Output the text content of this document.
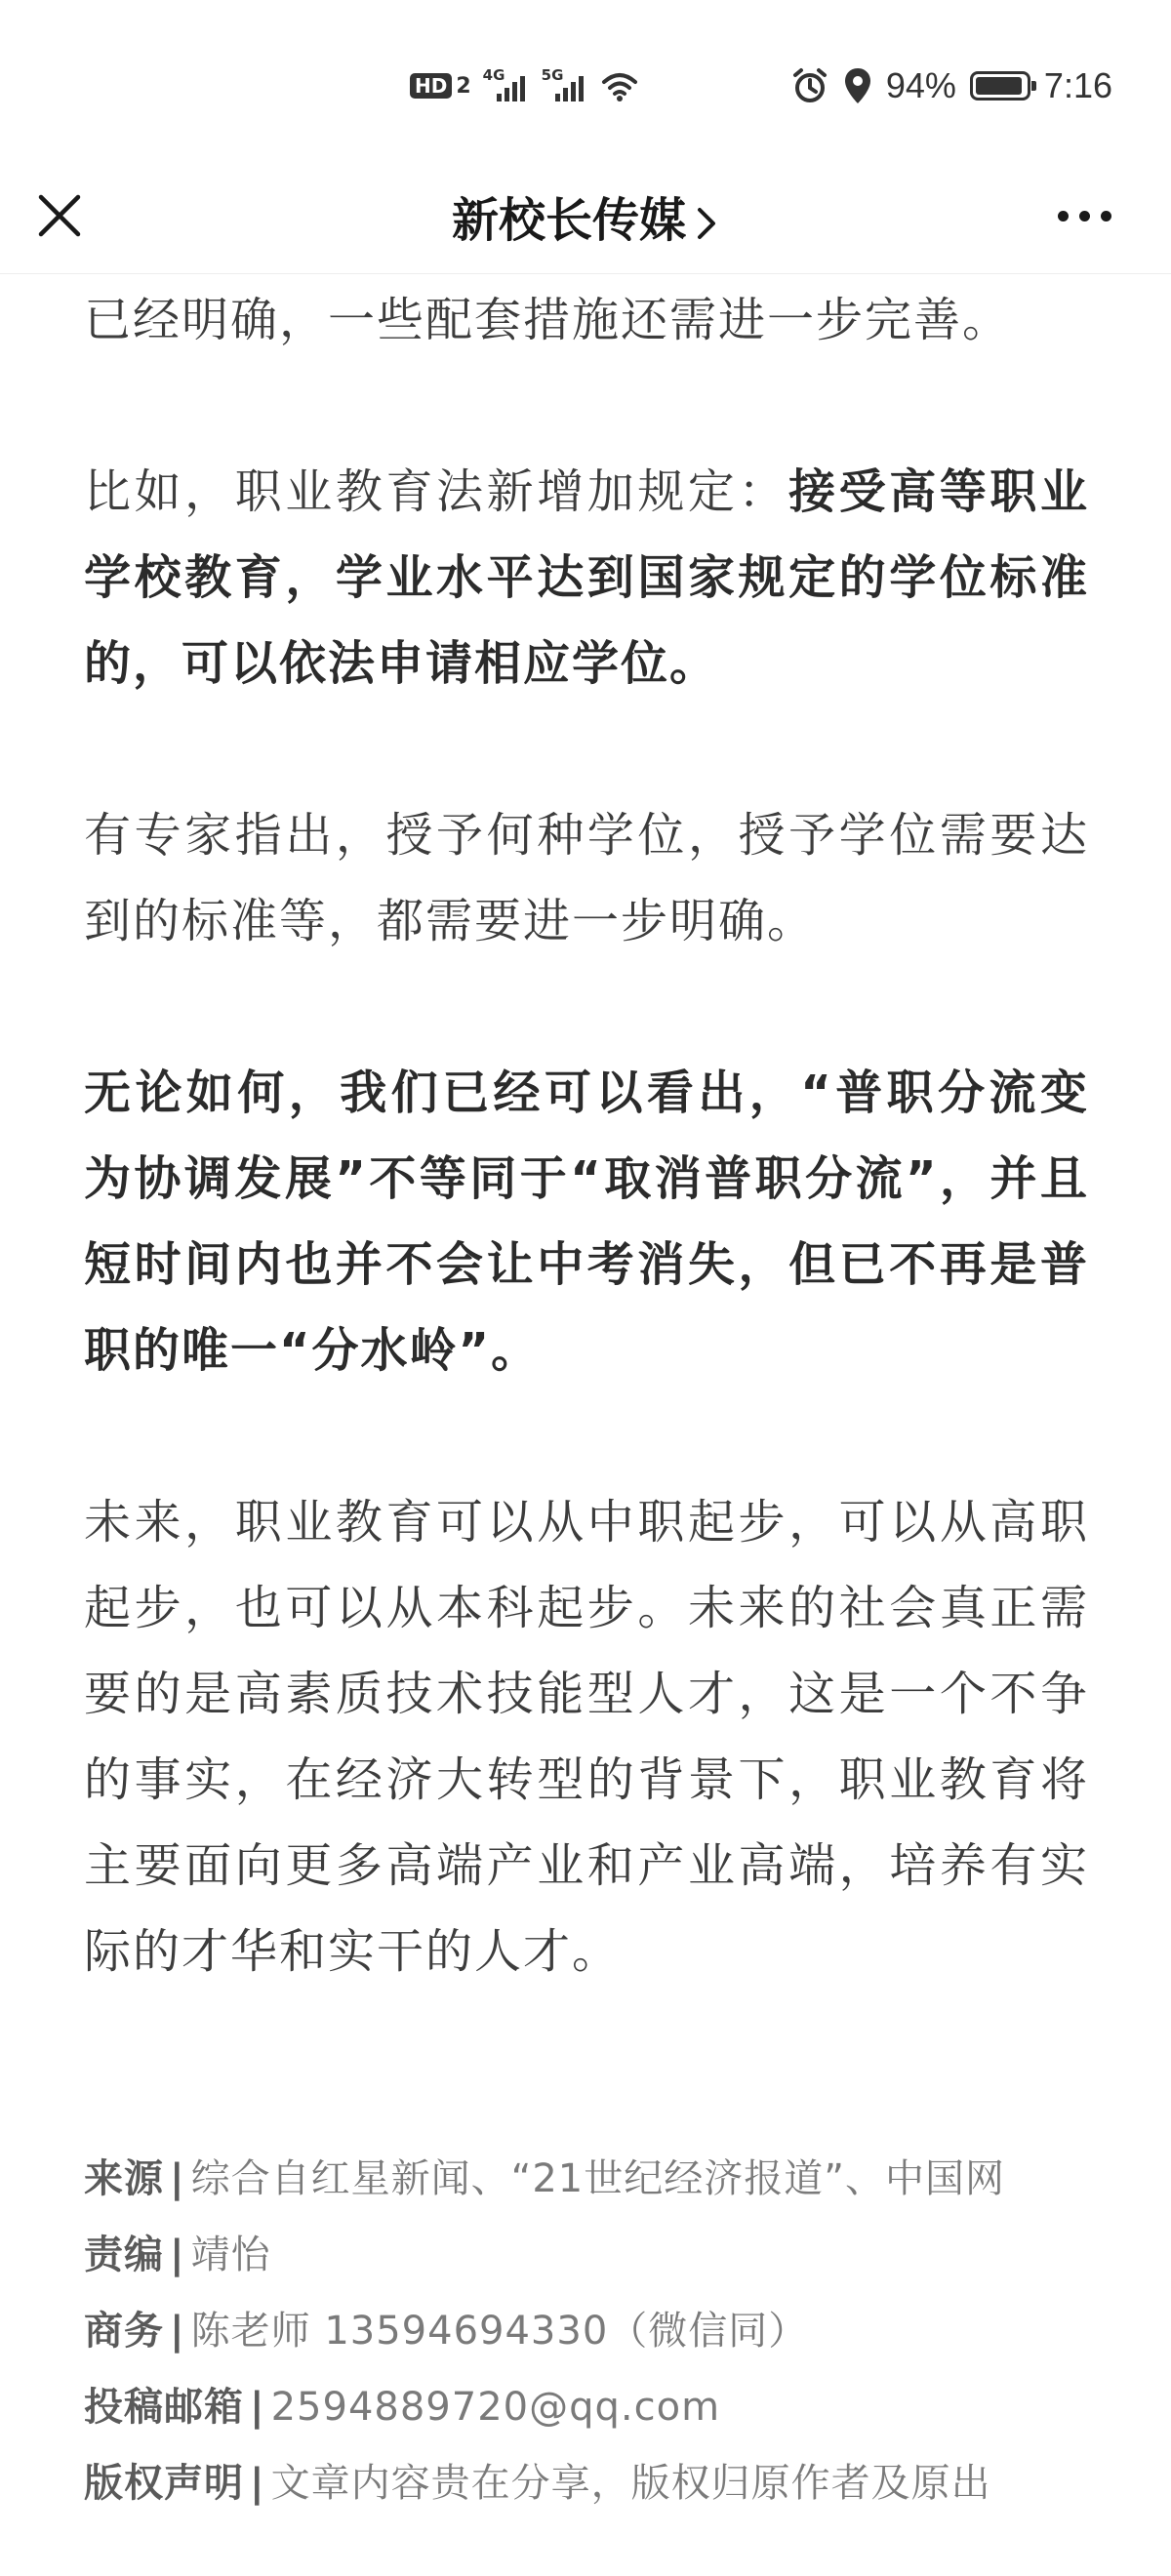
HD 2 4G 5G	94%	7:16
新校长传媒

已经明确，一些配套措施还需进一步完善。

比如，职业教育法新增加规定：接受高等职业学校教育，学业水平达到国家规定的学位标准的，可以依法申请相应学位。

有专家指出，授予何种学位，授予学位需要达到的标准等，都需要进一步明确。

无论如何，我们已经可以看出，“普职分流变为协调发展”不等同于“取消普职分流”，并且短时间内也并不会让中考消失，但已不再是普职的唯一“分水岭”。

未来，职业教育可以从中职起步，可以从高职起步，也可以从本科起步。未来的社会真正需要的是高素质技术技能型人才，这是一个不争的事实，在经济大转型的背景下，职业教育将主要面向更多高端产业和产业高端，培养有实际的才华和实干的人才。

来源 | 综合自红星新闻、“21世纪经济报道”、中国网
责编 | 靖怡
商务 | 陈老师 13594694330（微信同）
投稿邮箱 | 2594889720@qq.com
版权声明 | 文章内容贵在分享，版权归原作者及原出
